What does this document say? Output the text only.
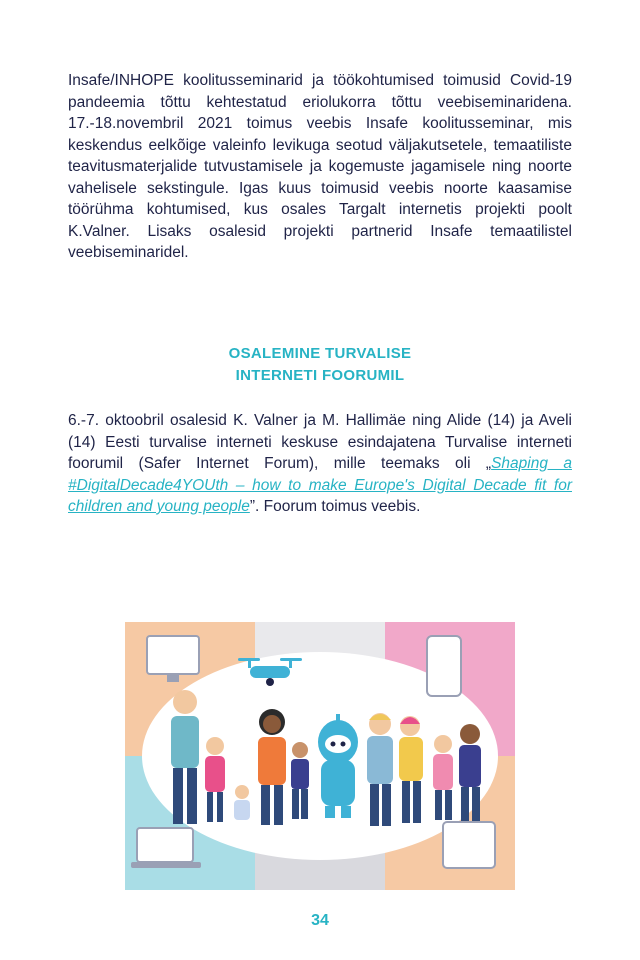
Insafe/INHOPE koolitusseminarid ja töökohtumised toimusid Covid-19 pandeemia tõttu kehtestatud eriolukorra tõttu veebiseminaridena. 17.-18.novembril 2021 toimus veebis Insafe koolitusseminar, mis keskendus eelkõige valeinfo levikuga seotud väljakutsetele, temaatiliste teavitusmaterjalide tutvustamisele ja kogemuste jagamisele ning noorte vahelisele sekstingule. Igas kuus toimusid veebis noorte kaasamise töörühma kohtumised, kus osales Targalt internetis projekti poolt K.Valner. Lisaks osalesid projekti partnerid Insafe temaatilistel veebiseminaridel.

OSALEMINE TURVALISE
INTERNETI FOORUMIL

6.-7. oktoobril osalesid K. Valner ja M. Hallimäe ning Alide (14) ja Aveli (14) Eesti turvalise interneti keskuse esindajatena Turvalise interneti foorumil (Safer Internet Forum), mille teemaks oli „Shaping a #DigitalDecade4YOUth – how to make Europe's Digital Decade fit for children and young people”. Foorum toimus veebis.

34
